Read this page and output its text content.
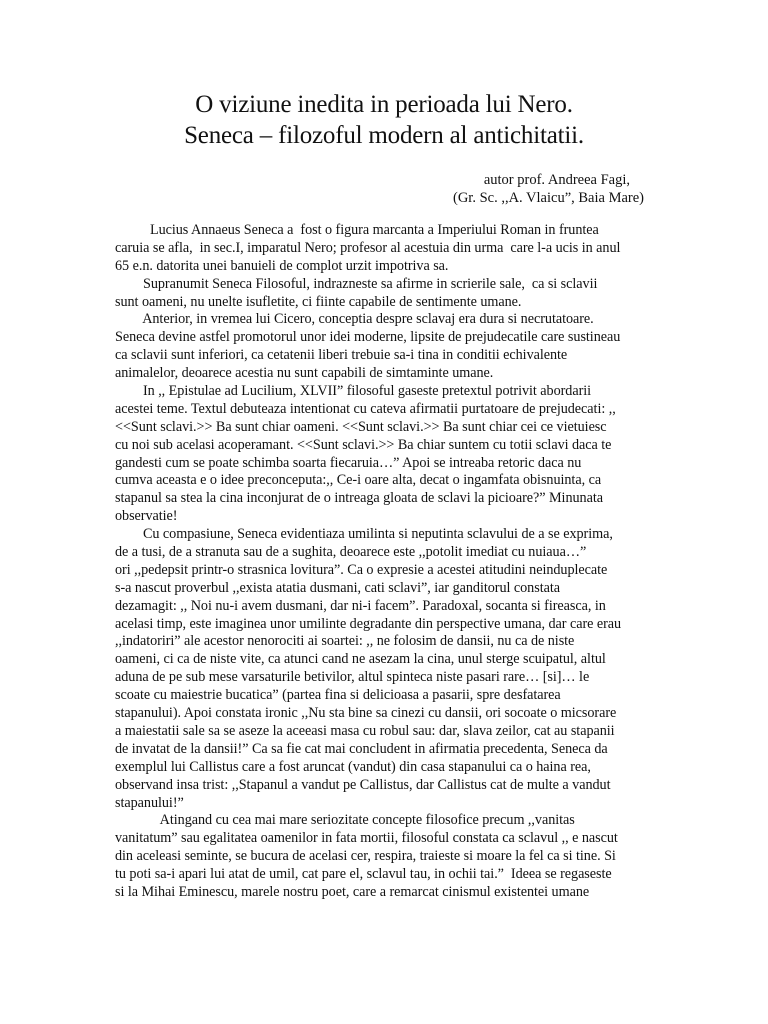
O viziune inedita in perioada lui Nero.
Seneca – filozoful modern al antichitatii.
autor prof. Andreea Fagi,
(Gr. Sc. ,,A. Vlaicu”, Baia Mare)
Lucius Annaeus Seneca a  fost o figura marcanta a Imperiului Roman in fruntea
caruia se afla,  in sec.I, imparatul Nero; profesor al acestuia din urma  care l-a ucis in anul
65 e.n. datorita unei banuieli de complot urzit impotriva sa.
Supranumit Seneca Filosoful, indrazneste sa afirme in scrierile sale,  ca si sclavii
sunt oameni, nu unelte isufletite, ci fiinte capabile de sentimente umane.
Anterior, in vremea lui Cicero, conceptia despre sclavaj era dura si necrutatoare.
Seneca devine astfel promotorul unor idei moderne, lipsite de prejudecatile care sustineau
ca sclavii sunt inferiori, ca cetatenii liberi trebuie sa-i tina in conditii echivalente
animalelor, deoarece acestia nu sunt capabili de simtaminte umane.
In ,, Epistulae ad Lucilium, XLVII” filosoful gaseste pretextul potrivit abordarii
acestei teme. Textul debuteaza intentionat cu cateva afirmatii purtatoare de prejudecati: ,,
<<Sunt sclavi.>> Ba sunt chiar oameni. <<Sunt sclavi.>> Ba sunt chiar cei ce vietuiesc
cu noi sub acelasi acoperamant. <<Sunt sclavi.>> Ba chiar suntem cu totii sclavi daca te
gandesti cum se poate schimba soarta fiecaruia…” Apoi se intreaba retoric daca nu
cumva aceasta e o idee preconceputa:,, Ce-i oare alta, decat o ingamfata obisnuinta, ca
stapanul sa stea la cina inconjurat de o intreaga gloata de sclavi la picioare?” Minunata
observatie!
Cu compasiune, Seneca evidentiaza umilinta si neputinta sclavului de a se exprima,
de a tusi, de a stranuta sau de a sughita, deoarece este ,,potolit imediat cu nuiaua…”
ori ,,pedepsit printr-o strasnica lovitura”. Ca o expresie a acestei atitudini neinduplecate
s-a nascut proverbul ,,exista atatia dusmani, cati sclavi”, iar ganditorul constata
dezamagit: ,, Noi nu-i avem dusmani, dar ni-i facem”. Paradoxal, socanta si fireasca, in
acelasi timp, este imaginea unor umilinte degradante din perspective umana, dar care erau
,,indatoriri” ale acestor nenorociti ai soartei: ,, ne folosim de dansii, nu ca de niste
oameni, ci ca de niste vite, ca atunci cand ne asezam la cina, unul sterge scuipatul, altul
aduna de pe sub mese varsaturile betivilor, altul spinteca niste pasari rare… [si]… le
scoate cu maiestrie bucatica” (partea fina si delicioasa a pasarii, spre desfatarea
stapanului). Apoi constata ironic ,,Nu sta bine sa cinezi cu dansii, ori socoate o micsorare
a maiestatii sale sa se aseze la aceeasi masa cu robul sau: dar, slava zeilor, cat au stapanii
de invatat de la dansii!” Ca sa fie cat mai concludent in afirmatia precedenta, Seneca da
exemplul lui Callistus care a fost aruncat (vandut) din casa stapanului ca o haina rea,
observand insa trist: ,,Stapanul a vandut pe Callistus, dar Callistus cat de multe a vandut
stapanului!”
Atingand cu cea mai mare seriozitate concepte filosofice precum ,,vanitas
vanitatum” sau egalitatea oamenilor in fata mortii, filosoful constata ca sclavul ,, e nascut
din aceleasi seminte, se bucura de acelasi cer, respira, traieste si moare la fel ca si tine. Si
tu poti sa-i apari lui atat de umil, cat pare el, sclavul tau, in ochii tai.”  Ideea se regaseste
si la Mihai Eminescu, marele nostru poet, care a remarcat cinismul existentei umane
